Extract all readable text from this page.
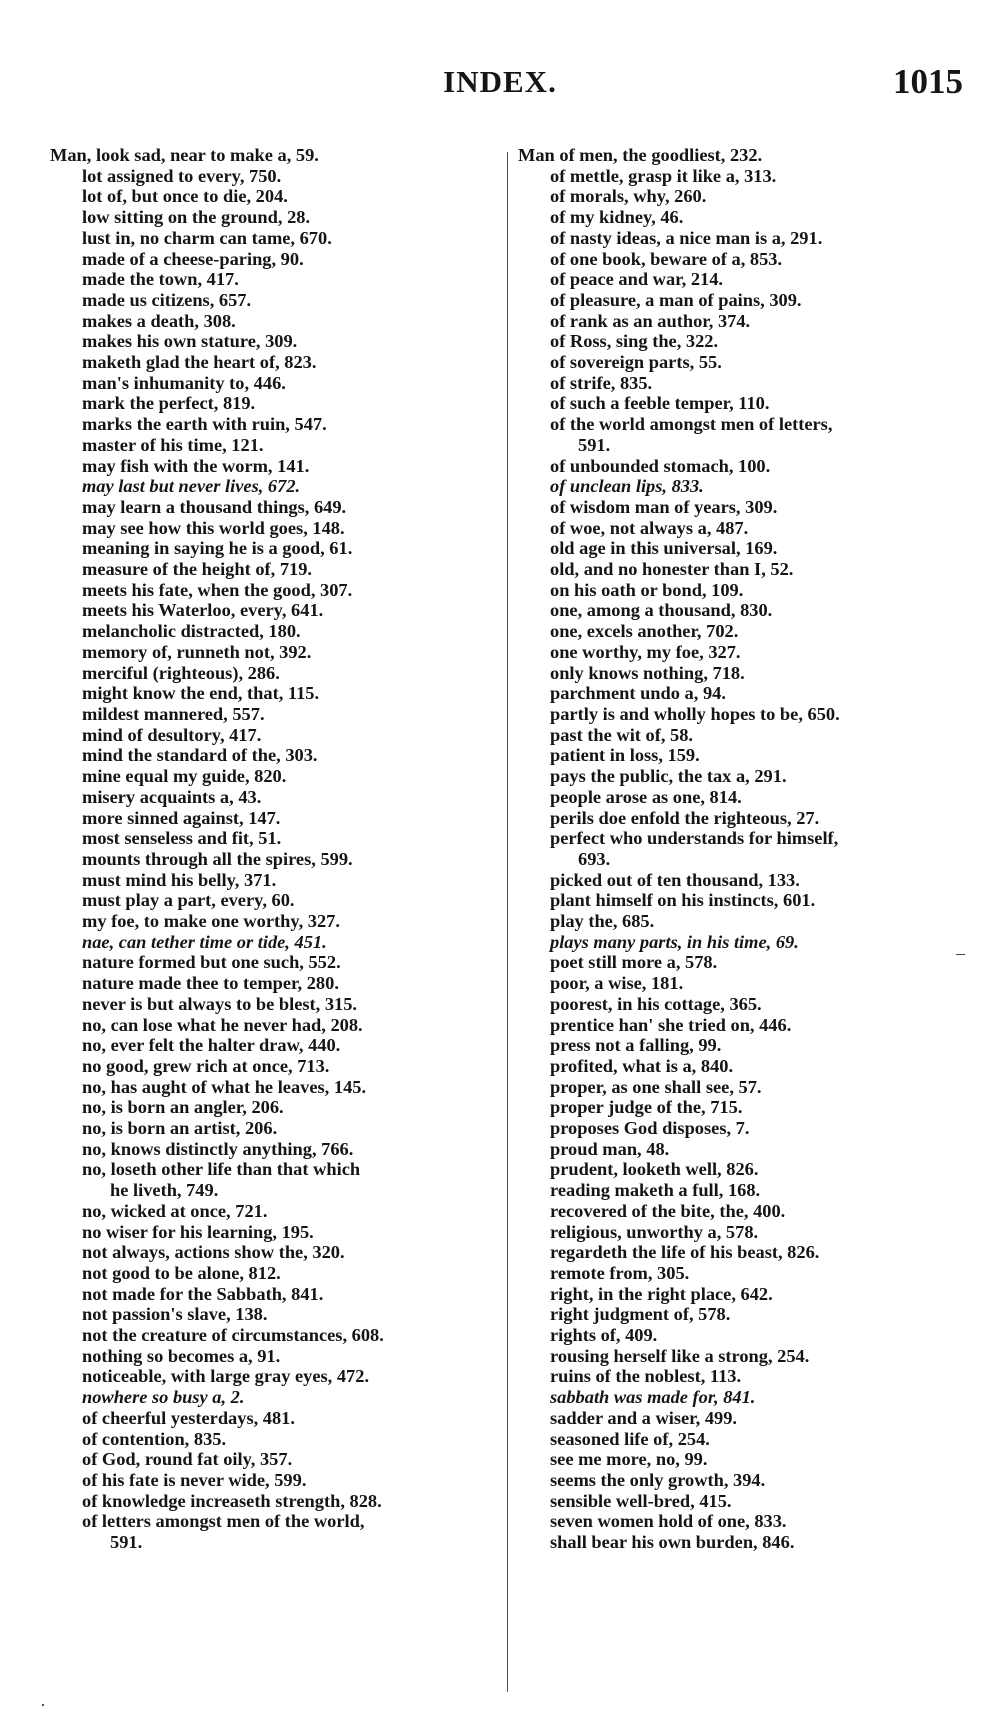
INDEX.	1015
Man, look sad, near to make a, 59.
lot assigned to every, 750.
lot of, but once to die, 204.
low sitting on the ground, 28.
lust in, no charm can tame, 670.
made of a cheese-paring, 90.
made the town, 417.
made us citizens, 657.
makes a death, 308.
makes his own stature, 309.
maketh glad the heart of, 823.
man's inhumanity to, 446.
mark the perfect, 819.
marks the earth with ruin, 547.
master of his time, 121.
may fish with the worm, 141.
may last but never lives, 672.
may learn a thousand things, 649.
may see how this world goes, 148.
meaning in saying he is a good, 61.
measure of the height of, 719.
meets his fate, when the good, 307.
meets his Waterloo, every, 641.
melancholic distracted, 180.
memory of, runneth not, 392.
merciful (righteous), 286.
might know the end, that, 115.
mildest mannered, 557.
mind of desultory, 417.
mind the standard of the, 303.
mine equal my guide, 820.
misery acquaints a, 43.
more sinned against, 147.
most senseless and fit, 51.
mounts through all the spires, 599.
must mind his belly, 371.
must play a part, every, 60.
my foe, to make one worthy, 327.
nae, can tether time or tide, 451.
nature formed but one such, 552.
nature made thee to temper, 280.
never is but always to be blest, 315.
no, can lose what he never had, 208.
no, ever felt the halter draw, 440.
no good, grew rich at once, 713.
no, has aught of what he leaves, 145.
no, is born an angler, 206.
no, is born an artist, 206.
no, knows distinctly anything, 766.
no, loseth other life than that which
he liveth, 749.
no, wicked at once, 721.
no wiser for his learning, 195.
not always, actions show the, 320.
not good to be alone, 812.
not made for the Sabbath, 841.
not passion's slave, 138.
not the creature of circumstances, 608.
nothing so becomes a, 91.
noticeable, with large gray eyes, 472.
nowhere so busy a, 2.
of cheerful yesterdays, 481.
of contention, 835.
of God, round fat oily, 357.
of his fate is never wide, 599.
of knowledge increaseth strength, 828.
of letters amongst men of the world,
591.
Man of men, the goodliest, 232.
of mettle, grasp it like a, 313.
of morals, why, 260.
of my kidney, 46.
of nasty ideas, a nice man is a, 291.
of one book, beware of a, 853.
of peace and war, 214.
of pleasure, a man of pains, 309.
of rank as an author, 374.
of Ross, sing the, 322.
of sovereign parts, 55.
of strife, 835.
of such a feeble temper, 110.
of the world amongst men of letters,
591.
of unbounded stomach, 100.
of unclean lips, 833.
of wisdom man of years, 309.
of woe, not always a, 487.
old age in this universal, 169.
old, and no honester than I, 52.
on his oath or bond, 109.
one, among a thousand, 830.
one, excels another, 702.
one worthy, my foe, 327.
only knows nothing, 718.
parchment undo a, 94.
partly is and wholly hopes to be, 650.
past the wit of, 58.
patient in loss, 159.
pays the public, the tax a, 291.
people arose as one, 814.
perils doe enfold the righteous, 27.
perfect who understands for himself,
693.
picked out of ten thousand, 133.
plant himself on his instincts, 601.
play the, 685.
plays many parts, in his time, 69.
poet still more a, 578.
poor, a wise, 181.
poorest, in his cottage, 365.
prentice han' she tried on, 446.
press not a falling, 99.
profited, what is a, 840.
proper, as one shall see, 57.
proper judge of the, 715.
proposes God disposes, 7.
proud man, 48.
prudent, looketh well, 826.
reading maketh a full, 168.
recovered of the bite, the, 400.
religious, unworthy a, 578.
regardeth the life of his beast, 826.
remote from, 305.
right, in the right place, 642.
right judgment of, 578.
rights of, 409.
rousing herself like a strong, 254.
ruins of the noblest, 113.
sabbath was made for, 841.
sadder and a wiser, 499.
seasoned life of, 254.
see me more, no, 99.
seems the only growth, 394.
sensible well-bred, 415.
seven women hold of one, 833.
shall bear his own burden, 846.
–
·
